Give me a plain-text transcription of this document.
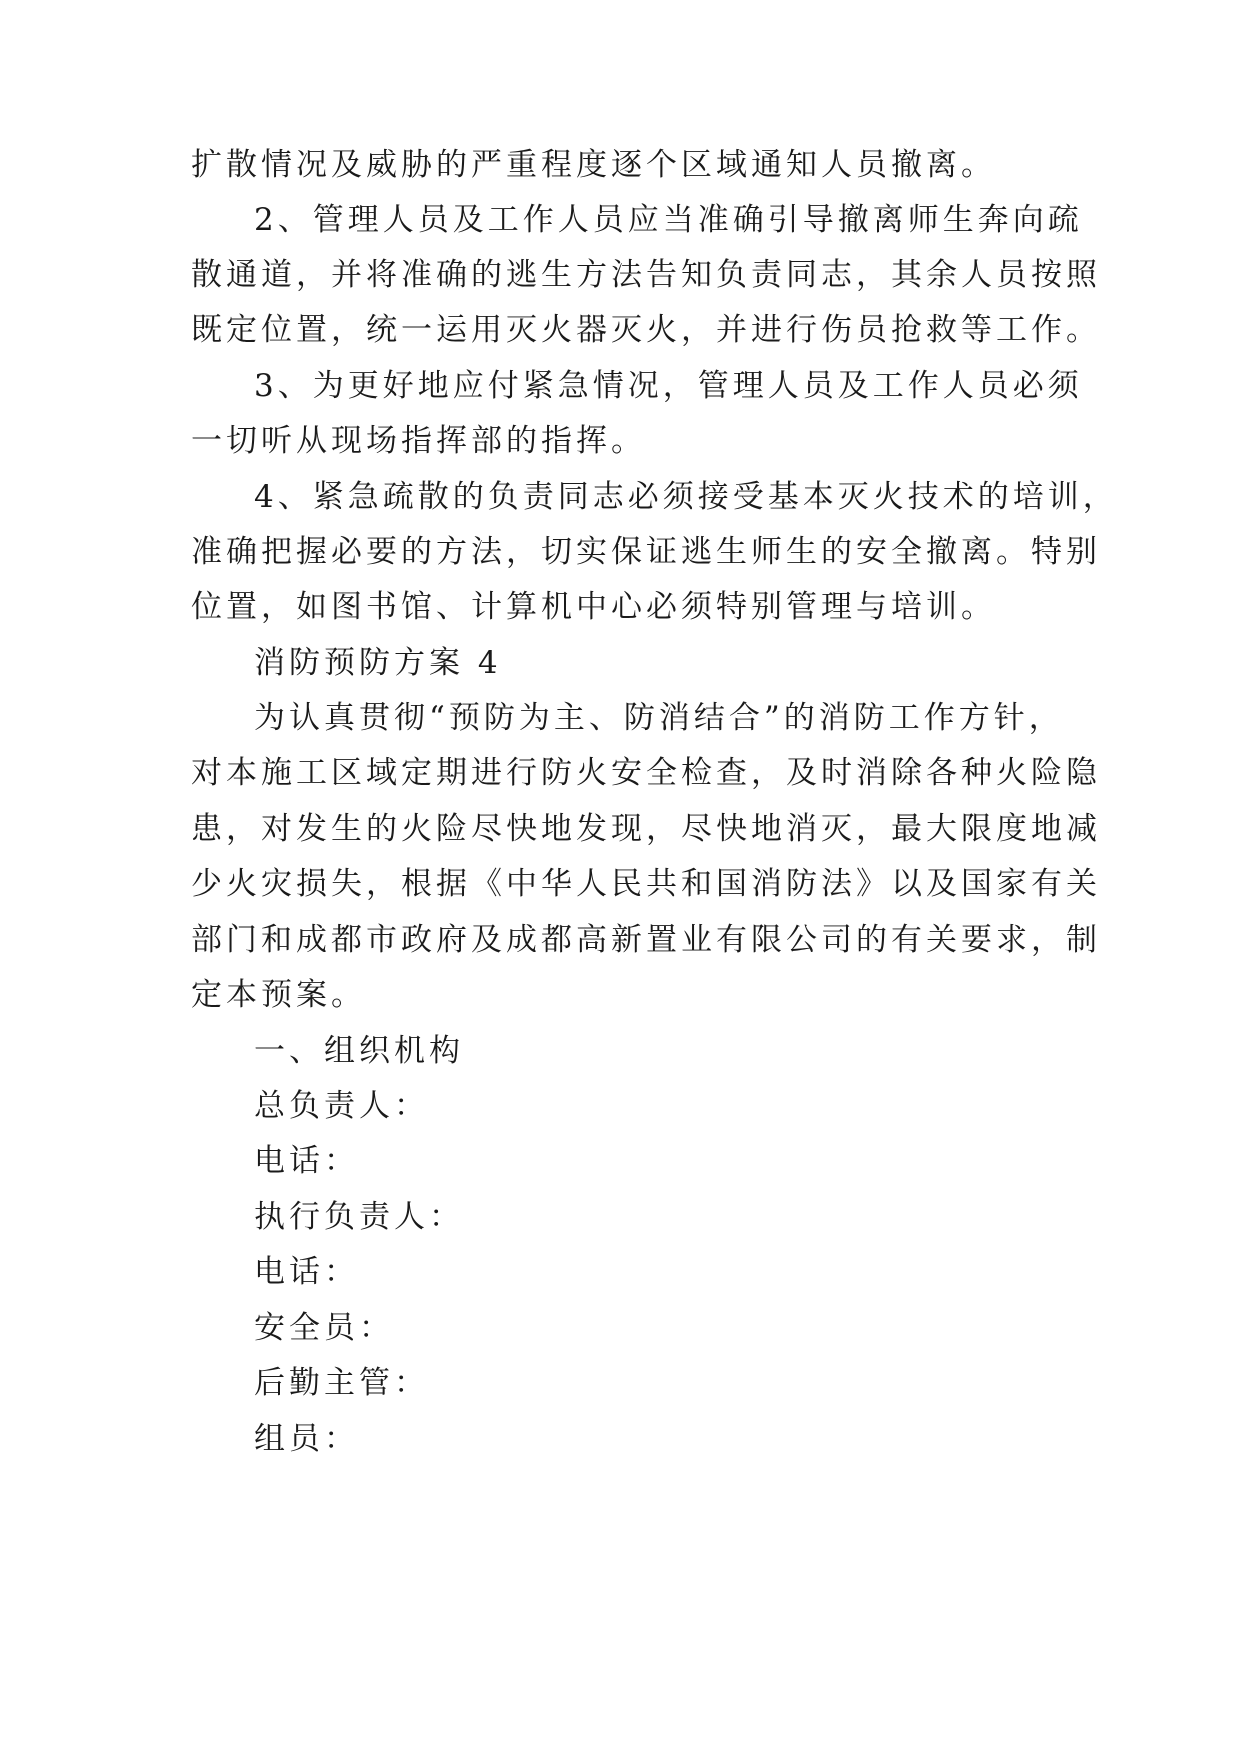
扩散情况及威胁的严重程度逐个区域通知人员撤离。
2、管理人员及工作人员应当准确引导撤离师生奔向疏
散通道，并将准确的逃生方法告知负责同志，其余人员按照
既定位置，统一运用灭火器灭火，并进行伤员抢救等工作。
3、为更好地应付紧急情况，管理人员及工作人员必须
一切听从现场指挥部的指挥。
4、紧急疏散的负责同志必须接受基本灭火技术的培训，
准确把握必要的方法，切实保证逃生师生的安全撤离。特别
位置，如图书馆、计算机中心必须特别管理与培训。
消防预防方案 4
为认真贯彻“预防为主、防消结合”的消防工作方针，
对本施工区域定期进行防火安全检查，及时消除各种火险隐
患，对发生的火险尽快地发现，尽快地消灭，最大限度地减
少火灾损失，根据《中华人民共和国消防法》以及国家有关
部门和成都市政府及成都高新置业有限公司的有关要求，制
定本预案。
一、组织机构
总负责人：
电话：
执行负责人：
电话：
安全员：
后勤主管：
组员：
